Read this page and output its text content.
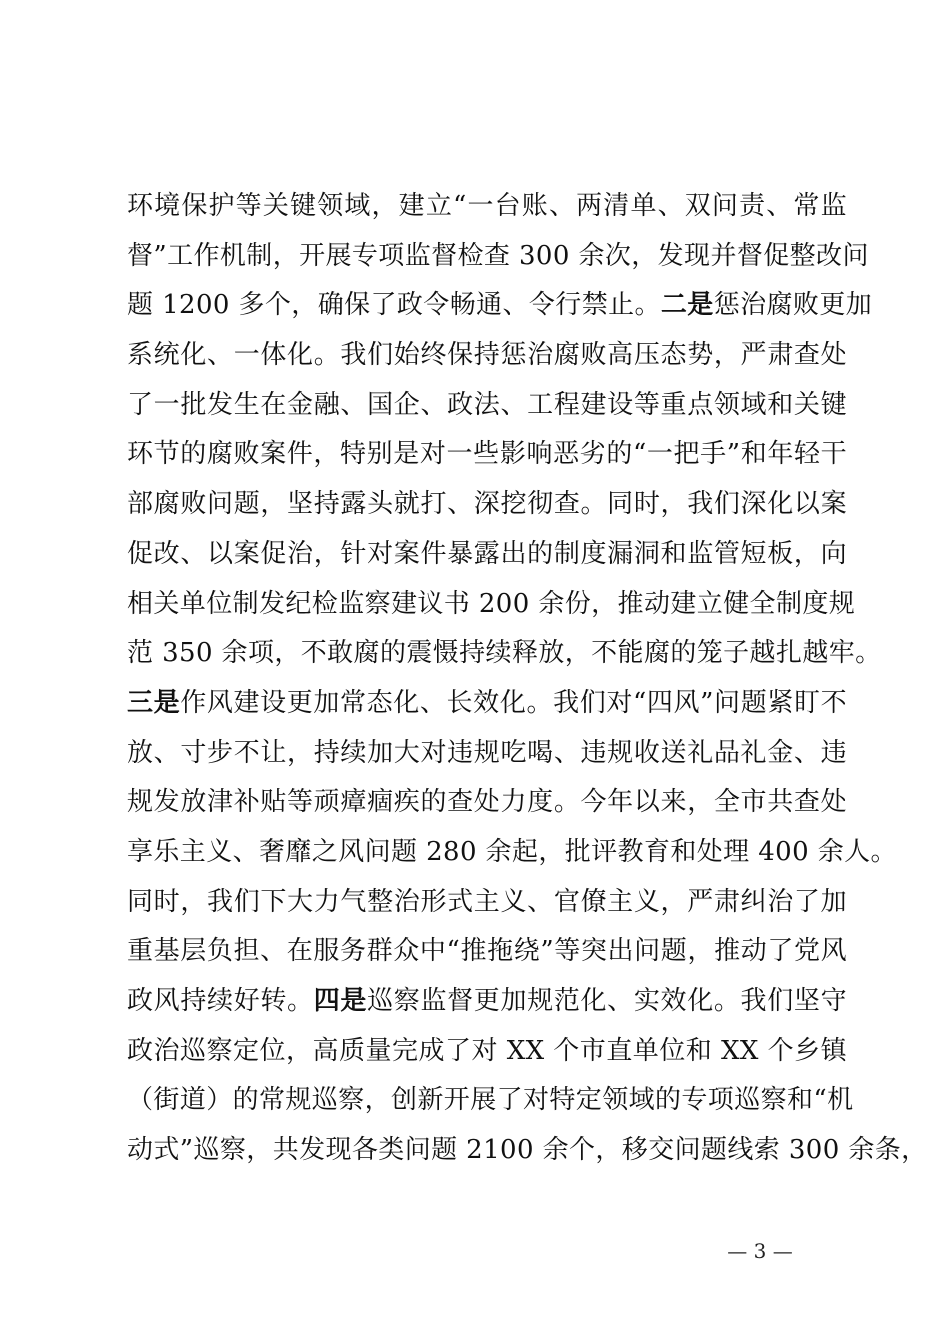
环境保护等关键领域，建立“一台账、两清单、双问责、常监
督”工作机制，开展专项监督检查 300 余次，发现并督促整改问
题 1200 多个，确保了政令畅通、令行禁止。二是惩治腐败更加
系统化、一体化。我们始终保持惩治腐败高压态势，严肃查处
了一批发生在金融、国企、政法、工程建设等重点领域和关键
环节的腐败案件，特别是对一些影响恶劣的“一把手”和年轻干
部腐败问题，坚持露头就打、深挖彻查。同时，我们深化以案
促改、以案促治，针对案件暴露出的制度漏洞和监管短板，向
相关单位制发纪检监察建议书 200 余份，推动建立健全制度规
范 350 余项，不敢腐的震慑持续释放，不能腐的笼子越扎越牢。
三是作风建设更加常态化、长效化。我们对“四风”问题紧盯不
放、寸步不让，持续加大对违规吃喝、违规收送礼品礼金、违
规发放津补贴等顽瘴痼疾的查处力度。今年以来，全市共查处
享乐主义、奢靡之风问题 280 余起，批评教育和处理 400 余人。
同时，我们下大力气整治形式主义、官僚主义，严肃纠治了加
重基层负担、在服务群众中“推拖绕”等突出问题，推动了党风
政风持续好转。四是巡察监督更加规范化、实效化。我们坚守
政治巡察定位，高质量完成了对 XX 个市直单位和 XX 个乡镇
（街道）的常规巡察，创新开展了对特定领域的专项巡察和“机
动式”巡察，共发现各类问题 2100 余个，移交问题线索 300 余条，
— 3 —
